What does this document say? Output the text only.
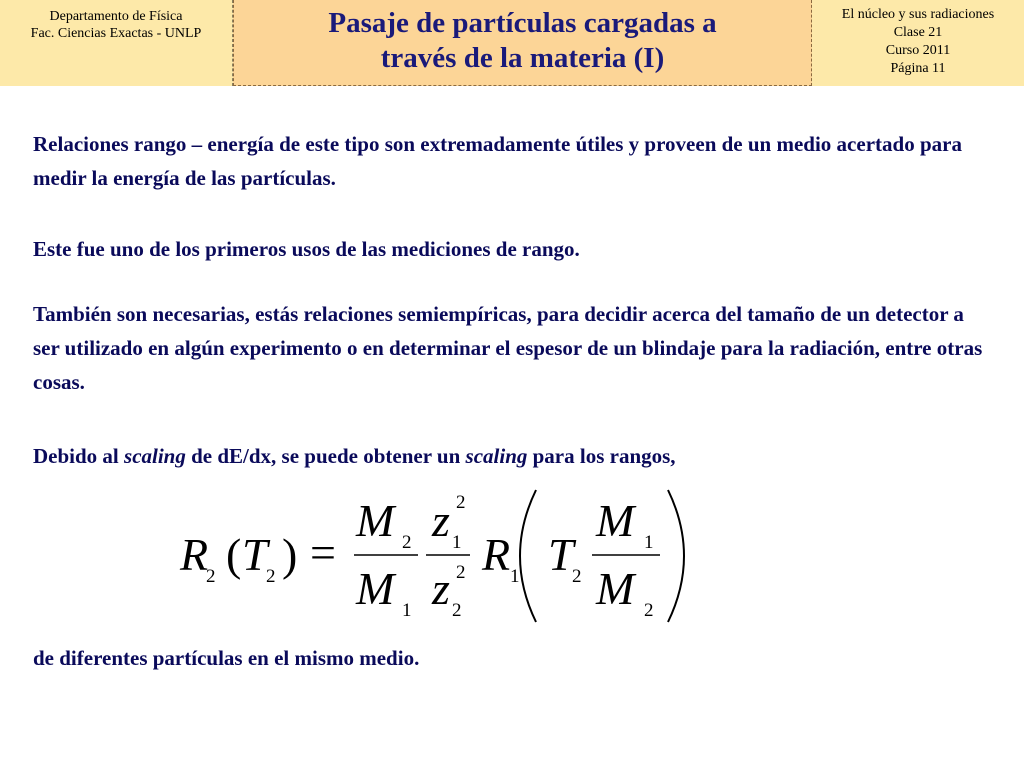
Departamento de Física
Fac. Ciencias Exactas - UNLP	Pasaje de partículas cargadas a
través de la materia (I)
El núcleo y sus radiaciones
Clase 21
Curso 2011
Página 11
Relaciones rango – energía de este tipo son extremadamente útiles y proveen de un medio acertado para medir la energía de las partículas.
Este fue uno de los primeros usos de las mediciones de rango.
También son necesarias, estás relaciones semiempíricas, para decidir acerca del tamaño de un detector a ser utilizado en algún experimento o en determinar el espesor de un blindaje para la radiación, entre otras cosas.
Debido al scaling de dE/dx, se puede obtener un scaling para los rangos,
R
2 ( T
2 ) =
M 2
M 1
z 2
1
z 2
2
R 1 T
2
M 1
M 2
de diferentes partículas en el mismo medio.
